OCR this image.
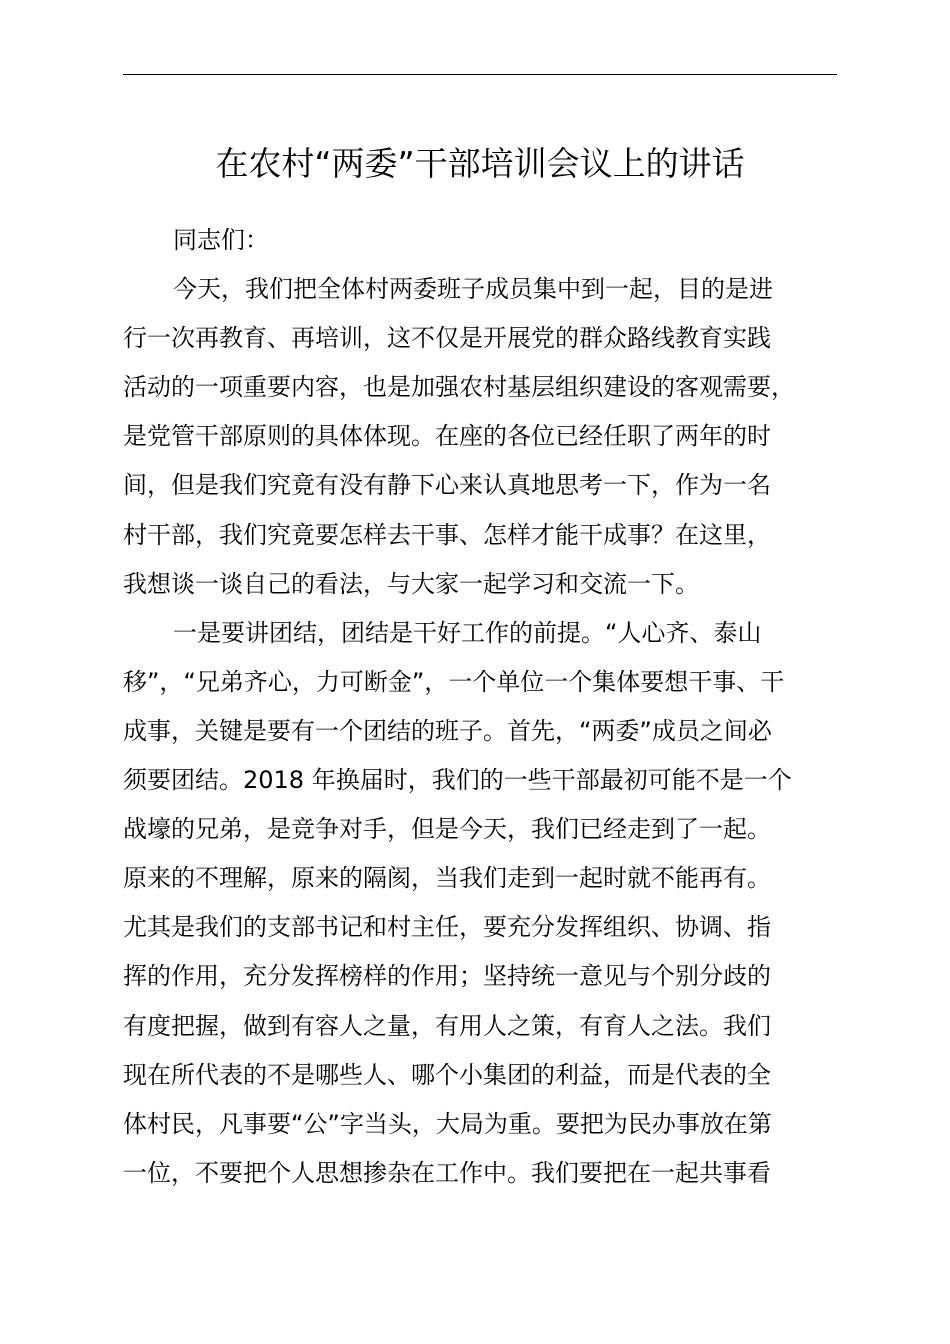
在农村“两委”干部培训会议上的讲话
同志们：
今天，我们把全体村两委班子成员集中到一起，目的是进
行一次再教育、再培训，这不仅是开展党的群众路线教育实践
活动的一项重要内容，也是加强农村基层组织建设的客观需要，
是党管干部原则的具体体现。在座的各位已经任职了两年的时
间，但是我们究竟有没有静下心来认真地思考一下，作为一名
村干部，我们究竟要怎样去干事、怎样才能干成事？在这里，
我想谈一谈自己的看法，与大家一起学习和交流一下。
一是要讲团结，团结是干好工作的前提。“人心齐、泰山
移”，“兄弟齐心，力可断金”，一个单位一个集体要想干事、干
成事，关键是要有一个团结的班子。首先，“两委”成员之间必
须要团结。2018 年换届时，我们的一些干部最初可能不是一个
战壕的兄弟，是竞争对手，但是今天，我们已经走到了一起。
原来的不理解，原来的隔阂，当我们走到一起时就不能再有。
尤其是我们的支部书记和村主任，要充分发挥组织、协调、指
挥的作用，充分发挥榜样的作用；坚持统一意见与个别分歧的
有度把握，做到有容人之量，有用人之策，有育人之法。我们
现在所代表的不是哪些人、哪个小集团的利益，而是代表的全
体村民，凡事要“公”字当头，大局为重。要把为民办事放在第
一位，不要把个人思想掺杂在工作中。我们要把在一起共事看
